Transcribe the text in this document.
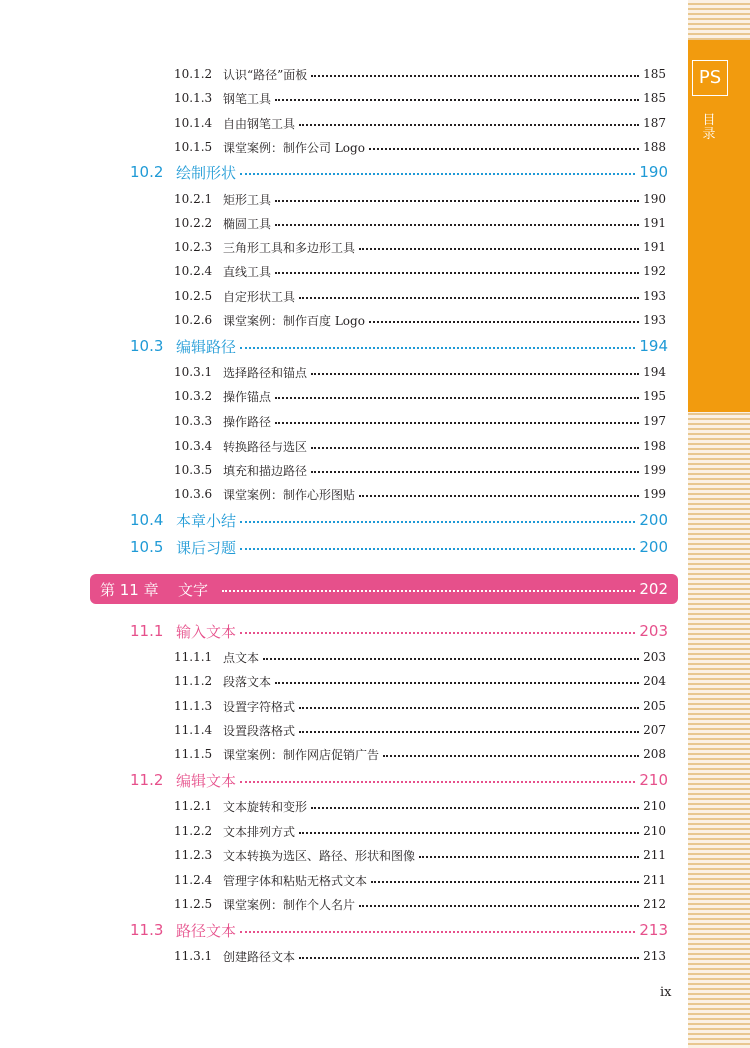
PS
目
录
10.1.2 认识“路径”面板	185
10.1.3 钢笔工具	185
10.1.4 自由钢笔工具	187
10.1.5 课堂案例：制作公司 Logo	188
10.2 绘制形状	190
10.2.1 矩形工具	190
10.2.2 椭圆工具	191
10.2.3 三角形工具和多边形工具	191
10.2.4 直线工具	192
10.2.5 自定形状工具	193
10.2.6 课堂案例：制作百度 Logo	193
10.3 编辑路径	194
10.3.1 选择路径和锚点	194
10.3.2 操作锚点	195
10.3.3 操作路径	197
10.3.4 转换路径与选区	198
10.3.5 填充和描边路径	199
10.3.6 课堂案例：制作心形图贴	199
10.4 本章小结	200
10.5 课后习题	200
第 11 章	文字	202
11.1 输入文本	203
11.1.1 点文本	203
11.1.2 段落文本	204
11.1.3 设置字符格式	205
11.1.4 设置段落格式	207
11.1.5 课堂案例：制作网店促销广告	208
11.2 编辑文本	210
11.2.1 文本旋转和变形	210
11.2.2 文本排列方式	210
11.2.3 文本转换为选区、路径、形状和图像	211
11.2.4 管理字体和粘贴无格式文本	211
11.2.5 课堂案例：制作个人名片	212
11.3 路径文本	213
11.3.1 创建路径文本	213
ix
